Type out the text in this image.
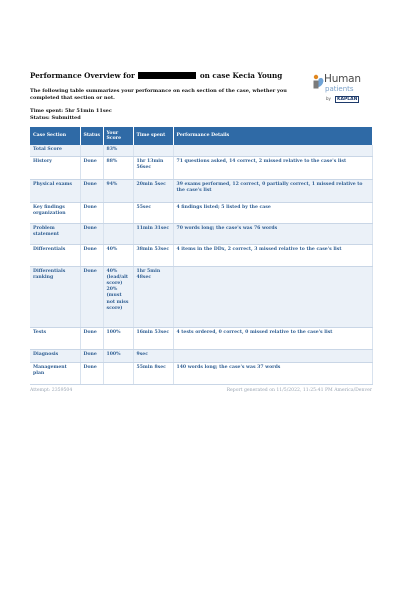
Performance Overview for	on case Kecia Young	Human
patients
by	KAPLAN
The following table summarizes your performance on each section of the case, whether you completed that section or not.
Time spent: 5hr 51min 11sec
Status: Submitted
Case Section	Status	Your Score	Time spent	Performance Details
Total Score		83%		
History	Done	88%	1hr 13min 56sec	71 questions asked, 14 correct, 2 missed relative to the case's list
Physical exams	Done	94%	20min 5sec	39 exams performed, 12 correct, 0 partially correct, 1 missed relative to the case's list
Key findings organization	Done		55sec	4 findings listed; 5 listed by the case
Problem statement	Done		11min 31sec	70 words long; the case's was 76 words
Differentials	Done	40%	38min 53sec	4 items in the DDx, 2 correct, 3 missed relative to the case's list
Differentials ranking	Done	40% (lead/alt score) 20% (must not miss score)	1hr 5min 48sec	
Tests	Done	100%	16min 53sec	4 tests ordered, 0 correct, 0 missed relative to the case's list
Diagnosis	Done	100%	9sec	
Management plan	Done		55min 8sec	140 words long; the case's was 37 words
Attempt: 2359504	Report generated on 11/5/2022, 11:25:41 PM America/Denver
